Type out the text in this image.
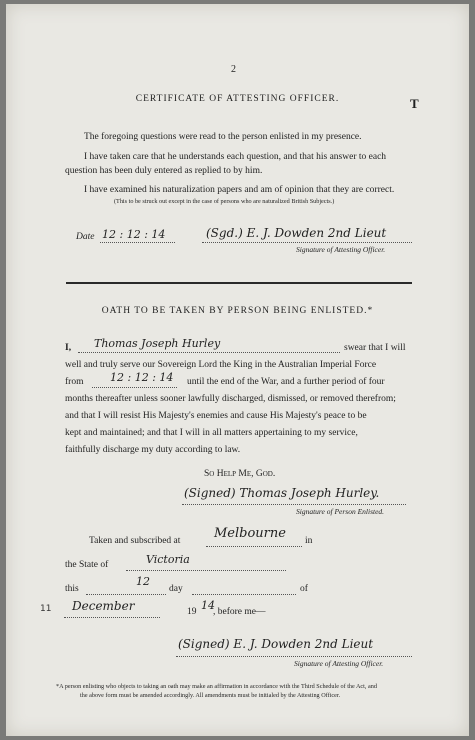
2
T
CERTIFICATE OF ATTESTING OFFICER.
The foregoing questions were read to the person enlisted in my presence.
I have taken care that he understands each question, and that his answer to each
question has been duly entered as replied to by him.
I have examined his naturalization papers and am of opinion that they are correct.
(This to be struck out except in the case of persons who are naturalized British Subjects.)
Date 12 : 12 : 14	(Sgd.) E. J. Dowden 2nd Lieut
Signature of Attesting Officer.
OATH TO BE TAKEN BY PERSON BEING ENLISTED.*
I, Thomas Joseph Hurley	swear that I will
well and truly serve our Sovereign Lord the King in the Australian Imperial Force
from 12 : 12 : 14 until the end of the War, and a further period of four
months thereafter unless sooner lawfully discharged, dismissed, or removed therefrom;
and that I will resist His Majesty's enemies and cause His Majesty's peace to be
kept and maintained; and that I will in all matters appertaining to my service,
faithfully discharge my duty according to law.
So Help Me, God.
(Signed) Thomas Joseph Hurley.
Signature of Person Enlisted.
Taken and subscribed at	Melbourne in
the State of	Victoria
this
12
day	of
11 December	19 14
, before me—
(Signed) E. J. Dowden 2nd Lieut
Signature of Attesting Officer.
*A person enlisting who objects to taking an oath may make an affirmation in accordance with the Third Schedule of the Act, and
the above form must be amended accordingly. All amendments must be initialed by the Attesting Officer.
